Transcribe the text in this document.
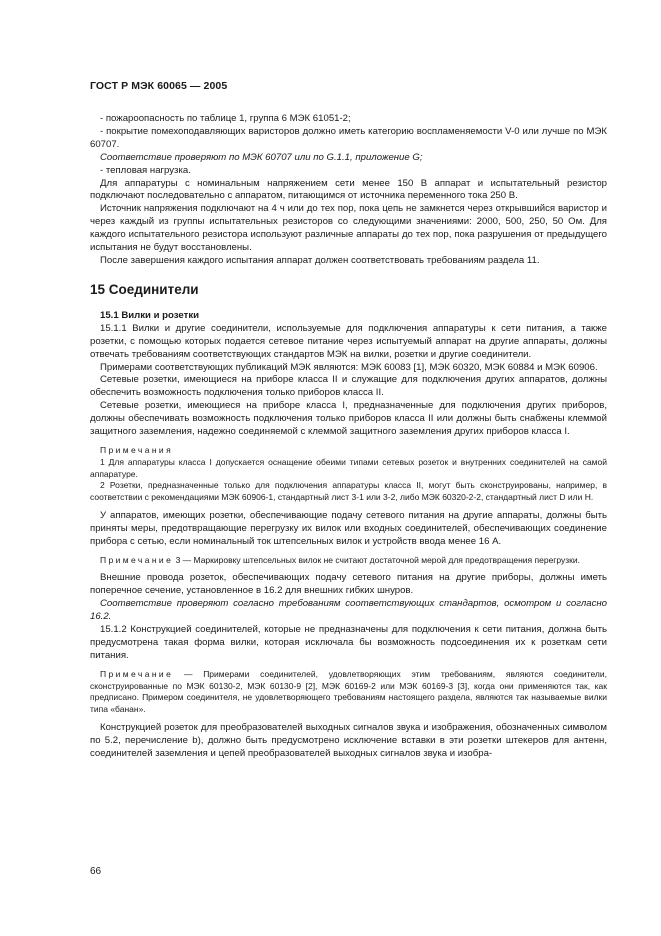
ГОСТ Р МЭК 60065 — 2005

- пожароопасность по таблице 1, группа 6 МЭК 61051-2;

- покрытие помехоподавляющих варисторов должно иметь категорию воспламеняемости V-0 или лучше по МЭК 60707.

Соответствие проверяют по МЭК 60707 или по G.1.1, приложение G;

- тепловая нагрузка.

Для аппаратуры с номинальным напряжением сети менее 150 В аппарат и испытательный резистор подключают последовательно с аппаратом, питающимся от источника переменного тока 250 В.

Источник напряжения подключают на 4 ч или до тех пор, пока цепь не замкнется через открывшийся варистор и через каждый из группы испытательных резисторов со следующими значениями: 2000, 500, 250, 50 Ом. Для каждого испытательного резистора используют различные аппараты до тех пор, пока разрушения от предыдущего испытания не будут восстановлены.

После завершения каждого испытания аппарат должен соответствовать требованиям раздела 11.

15 Соединители
15.1 Вилки и розетки

15.1.1 Вилки и другие соединители, используемые для подключения аппаратуры к сети питания, а также розетки, с помощью которых подается сетевое питание через испытуемый аппарат на другие аппараты, должны отвечать требованиям соответствующих стандартов МЭК на вилки, розетки и другие соединители.

Примерами соответствующих публикаций МЭК являются: МЭК 60083 [1], МЭК 60320, МЭК 60884 и МЭК 60906.

Сетевые розетки, имеющиеся на приборе класса II и служащие для подключения других аппаратов, должны обеспечить возможность подключения только приборов класса II.

Сетевые розетки, имеющиеся на приборе класса I, предназначенные для подключения других приборов, должны обеспечивать возможность подключения только приборов класса II или должны быть снабжены клеммой защитного заземления, надежно соединяемой с клеммой защитного заземления других приборов класса I.

Примечания

1 Для аппаратуры класса I допускается оснащение обеими типами сетевых розеток и внутренних соединителей на самой аппаратуре.

2 Розетки, предназначенные только для подключения аппаратуры класса II, могут быть сконструированы, например, в соответствии с рекомендациями МЭК 60906-1, стандартный лист 3-1 или 3-2, либо МЭК 60320-2-2, стандартный лист D или H.

У аппаратов, имеющих розетки, обеспечивающие подачу сетевого питания на другие аппараты, должны быть приняты меры, предотвращающие перегрузку их вилок или входных соединителей, обеспечивающих соединение прибора с сетью, если номинальный ток штепсельных вилок и устройств ввода менее 16 А.

Примечание 3 — Маркировку штепсельных вилок не считают достаточной мерой для предотвращения перегрузки.

Внешние провода розеток, обеспечивающих подачу сетевого питания на другие приборы, должны иметь поперечное сечение, установленное в 16.2 для внешних гибких шнуров.

Соответствие проверяют согласно требованиям соответствующих стандартов, осмотром и согласно 16.2.

15.1.2 Конструкцией соединителей, которые не предназначены для подключения к сети питания, должна быть предусмотрена такая форма вилки, которая исключала бы возможность подсоединения их к розеткам сети питания.

Примечание — Примерами соединителей, удовлетворяющих этим требованиям, являются соединители, сконструированные по МЭК 60130-2, МЭК 60130-9 [2], МЭК 60169-2 или МЭК 60169-3 [3], когда они применяются так, как предписано. Примером соединителя, не удовлетворяющего требованиям настоящего раздела, являются так называемые вилки типа «банан».

Конструкцией розеток для преобразователей выходных сигналов звука и изображения, обозначенных символом по 5.2, перечисление b), должно быть предусмотрено исключение вставки в эти розетки штекеров для антенн, соединителей заземления и цепей преобразователей выходных сигналов звука и изобра-

66
